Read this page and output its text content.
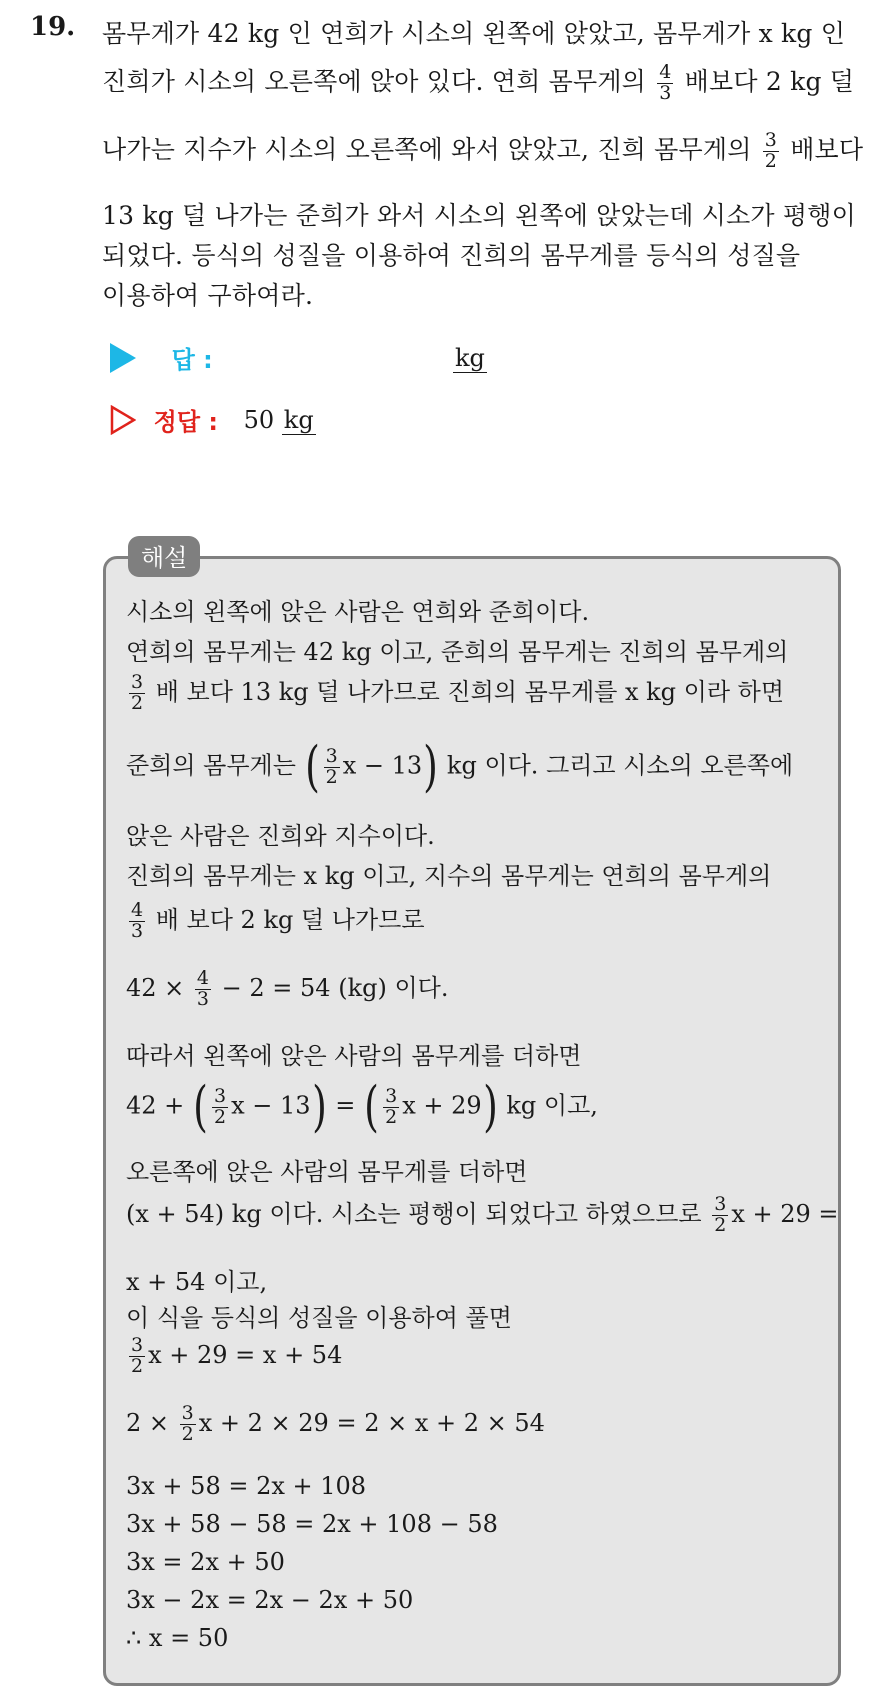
19. 몸무게가 42 kg 인 연희가 시소의 왼쪽에 앉았고, 몸무게가 x kg 인
진희가 시소의 오른쪽에 앉아 있다. 연희 몸무게의 $\frac{4}{3}$ 배보다 2 kg 덜
나가는 지수가 시소의 오른쪽에 와서 앉았고, 진희 몸무게의 $\frac{3}{2}$ 배보다
13 kg 덜 나가는 준희가 와서 시소의 왼쪽에 앉았는데 시소가 평행이
되었다. 등식의 성질을 이용하여 진희의 몸무게를 등식의 성질을
이용하여 구하여라.
답 :	kg
정답 : 50 kg
해설
시소의 왼쪽에 앉은 사람은 연희와 준희이다.
연희의 몸무게는 42 kg 이고, 준희의 몸무게는 진희의 몸무게의
$\frac{3}{2}$ 배 보다 13 kg 덜 나가므로 진희의 몸무게를 x kg 이라 하면
준희의 몸무게는 ( $\frac{3}{2}$ x − 13) kg 이다. 그리고 시소의 오른쪽에
앉은 사람은 진희와 지수이다.
진희의 몸무게는 x kg 이고, 지수의 몸무게는 연희의 몸무게의
$\frac{4}{3}$ 배 보다 2 kg 덜 나가므로
$42 \times \frac{4}{3} - 2 = 54$ (kg) 이다.
따라서 왼쪽에 앉은 사람의 몸무게를 더하면
42 + ( $\frac{3}{2}$ x − 13) = ( $\frac{3}{2}$ x + 29) kg 이고,
오른쪽에 앉은 사람의 몸무게를 더하면
(x + 54) kg 이다. 시소는 평행이 되었다고 하였으므로 $\frac{3}{2}$ x + 29 =
x + 54 이고,
이 식을 등식의 성질을 이용하여 풀면
$\frac{3}{2}$ x + 29 = x + 54
$2 \times \frac{3}{2}$ x + 2 × 29 = 2 × x + 2 × 54
3x + 58 = 2x + 108
3x + 58 − 58 = 2x + 108 − 58
3x = 2x + 50
3x − 2x = 2x − 2x + 50
∴ x = 50
